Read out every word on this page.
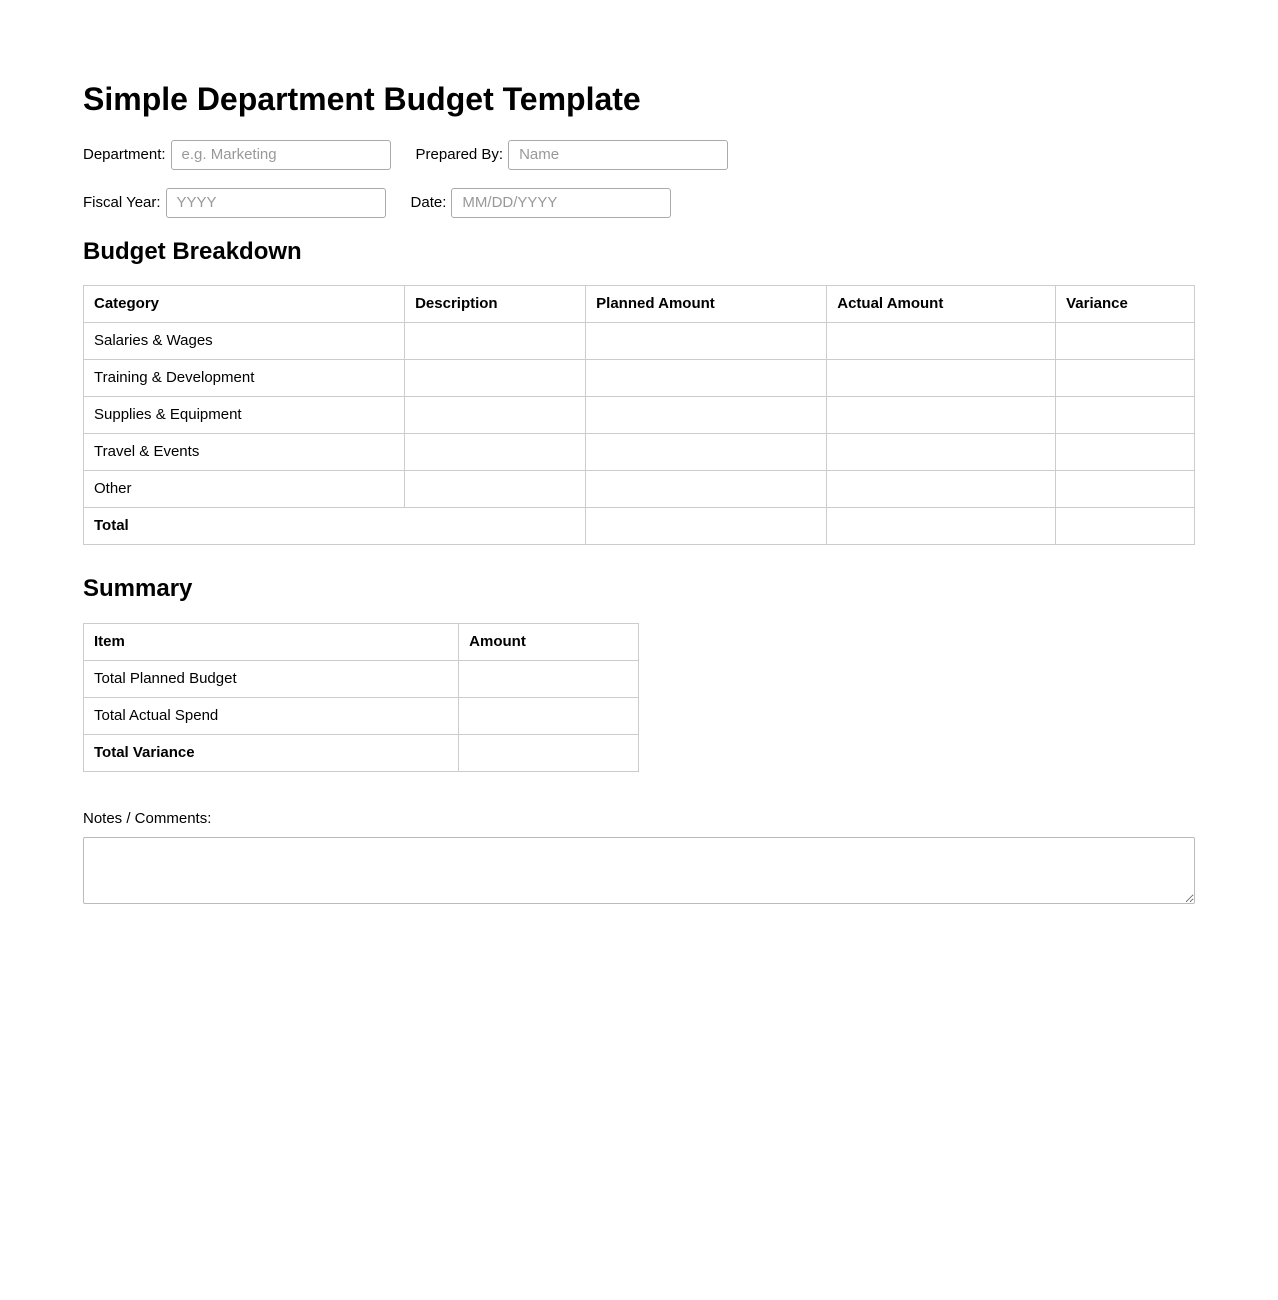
Simple Department Budget Template
Department:
e.g. Marketing	Prepared By:
Name
Fiscal Year:
YYYY	Date:
MM/DD/YYYY
Budget Breakdown
Category	Description	Planned Amount	Actual Amount	Variance
Salaries & Wages				
Training & Development				
Supplies & Equipment				
Travel & Events				
Other				
Total				
Summary
Item	Amount
Total Planned Budget	
Total Actual Spend	
Total Variance	
Notes / Comments:
